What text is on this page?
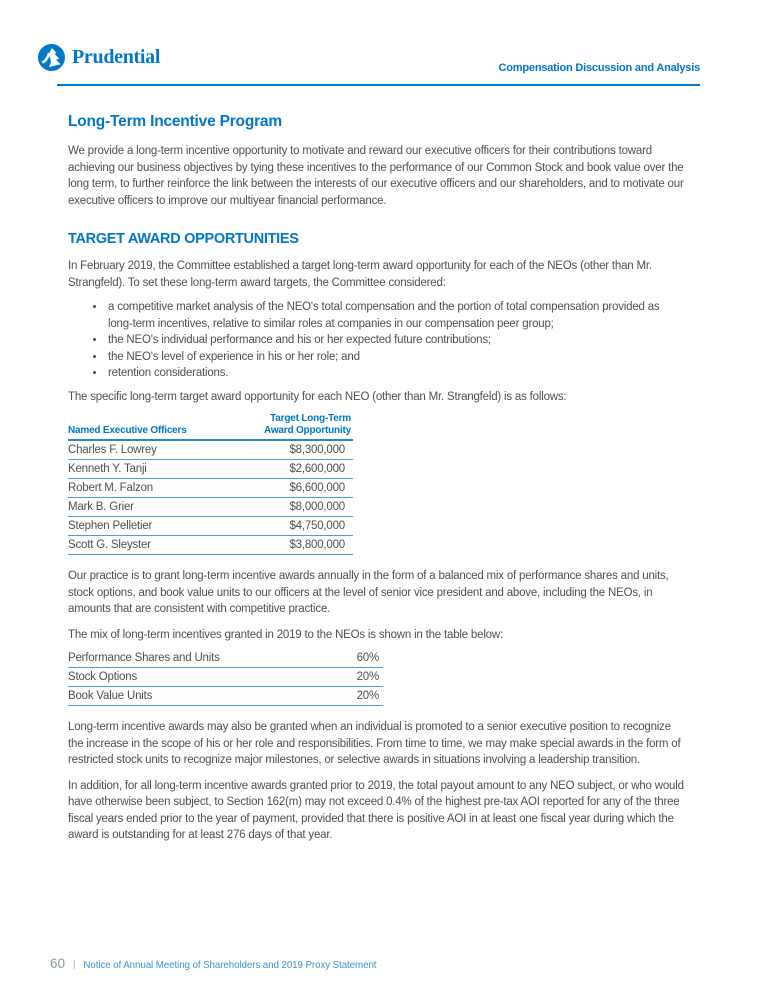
Prudential	Compensation Discussion and Analysis
Long-Term Incentive Program

We provide a long-term incentive opportunity to motivate and reward our executive officers for their contributions toward achieving our business objectives by tying these incentives to the performance of our Common Stock and book value over the long term, to further reinforce the link between the interests of our executive officers and our shareholders, and to motivate our executive officers to improve our multiyear financial performance.

TARGET AWARD OPPORTUNITIES

In February 2019, the Committee established a target long-term award opportunity for each of the NEOs (other than Mr. Strangfeld). To set these long-term award targets, the Committee considered:

• a competitive market analysis of the NEO's total compensation and the portion of total compensation provided as long-term incentives, relative to similar roles at companies in our compensation peer group;
• the NEO's individual performance and his or her expected future contributions;
• the NEO's level of experience in his or her role; and
• retention considerations.

The specific long-term target award opportunity for each NEO (other than Mr. Strangfeld) is as follows:

Named Executive Officers
Target Long-Term
Award Opportunity
Charles F. Lowrey	$8,300,000
Kenneth Y. Tanji	$2,600,000
Robert M. Falzon	$6,600,000
Mark B. Grier	$8,000,000
Stephen Pelletier	$4,750,000
Scott G. Sleyster	$3,800,000

Our practice is to grant long-term incentive awards annually in the form of a balanced mix of performance shares and units, stock options, and book value units to our officers at the level of senior vice president and above, including the NEOs, in amounts that are consistent with competitive practice.

The mix of long-term incentives granted in 2019 to the NEOs is shown in the table below:

Performance Shares and Units	60%
Stock Options	20%
Book Value Units	20%

Long-term incentive awards may also be granted when an individual is promoted to a senior executive position to recognize the increase in the scope of his or her role and responsibilities. From time to time, we may make special awards in the form of restricted stock units to recognize major milestones, or selective awards in situations involving a leadership transition.

In addition, for all long-term incentive awards granted prior to 2019, the total payout amount to any NEO subject, or who would have otherwise been subject, to Section 162(m) may not exceed 0.4% of the highest pre-tax AOI reported for any of the three fiscal years ended prior to the year of payment, provided that there is positive AOI in at least one fiscal year during which the award is outstanding for at least 276 days of that year.

60 | Notice of Annual Meeting of Shareholders and 2019 Proxy Statement
